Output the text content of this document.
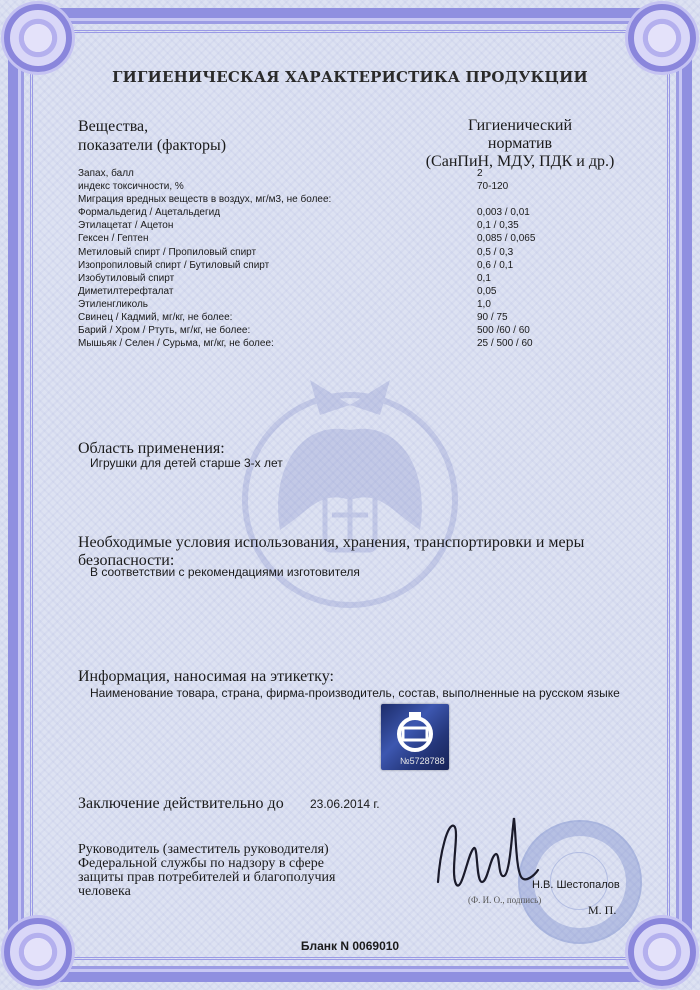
ГИГИЕНИЧЕСКАЯ ХАРАКТЕРИСТИКА ПРОДУКЦИИ
Вещества,
показатели (факторы)
Гигиенический
норматив
(СанПиН, МДУ, ПДК и др.)
Запах, балл	2
индекс токсичности, %	70-120
Миграция вредных веществ в воздух, мг/м3, не более:
Формальдегид / Ацетальдегид	0,003 / 0,01
Этилацетат / Ацетон	0,1 / 0,35
Гексен / Гептен	0,085 / 0,065
Метиловый спирт / Пропиловый спирт	0,5 / 0,3
Изопропиловый спирт / Бутиловый спирт	0,6 / 0,1
Изобутиловый спирт	0,1
Диметилтерефталат	0,05
Этиленгликоль	1,0
Свинец / Кадмий, мг/кг, не более:	90 / 75
Барий / Хром / Ртуть, мг/кг, не более:	500 /60 / 60
Мышьяк / Селен / Сурьма, мг/кг, не более:	25 / 500 / 60
Область применения:
Игрушки для детей старше 3-х лет
Необходимые условия использования, хранения, транспортировки и меры
безопасности:
В соответствии с рекомендациями изготовителя
Информация, наносимая на этикетку:
Наименование товара, страна, фирма-производитель, состав, выполненные на русском языке
№5728788
Заключение действительно до 23.06.2014 г.
Руководитель (заместитель руководителя)
Федеральной службы по надзору в сфере
защиты прав потребителей и благополучия
человека	Н.В. Шестопалов
(Ф. И. О., подпись)
М. П.
Бланк N 0069010
